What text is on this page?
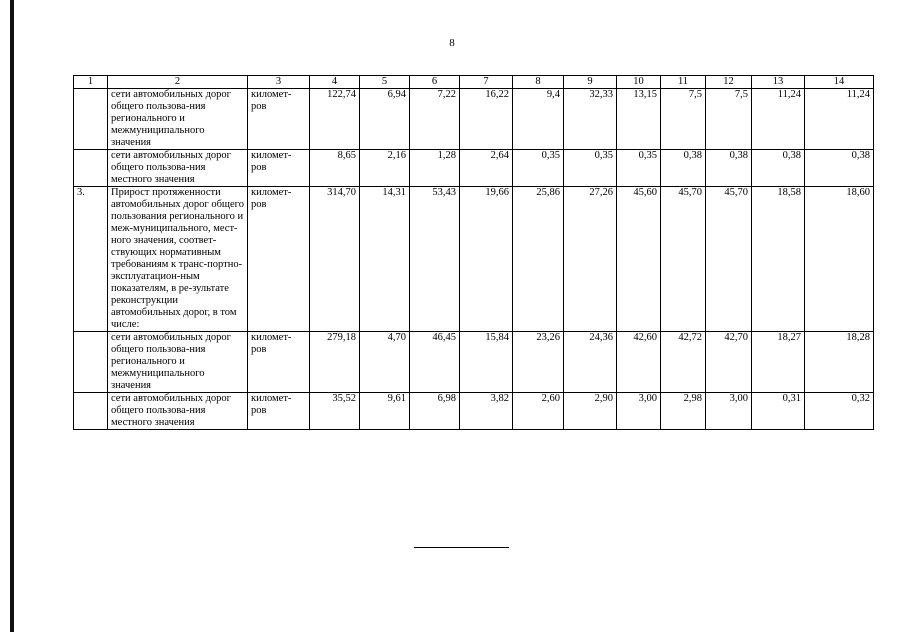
8
1	2	3	4	5	6	7	8	9	10	11	12	13	14
	сети автомобильных дорог общего пользова-ния регионального и межмуниципального значения	километ-ров	122,74	6,94	7,22	16,22	9,4	32,33	13,15	7,5	7,5	11,24	11,24
	сети автомобильных дорог общего пользова-ния местного значения	километ-ров	8,65	2,16	1,28	2,64	0,35	0,35	0,35	0,38	0,38	0,38	0,38
3.	Прирост протяженности автомобильных дорог общего пользования регионального и меж-муниципального, мест-ного значения, соответ-ствующих нормативным требованиям к транс-портно-эксплуатацион-ным показателям, в ре-зультате реконструкции автомобильных дорог, в том числе:	километ-ров	314,70	14,31	53,43	19,66	25,86	27,26	45,60	45,70	45,70	18,58	18,60
	сети автомобильных дорог общего пользова-ния регионального и межмуниципального значения	километ-ров	279,18	4,70	46,45	15,84	23,26	24,36	42,60	42,72	42,70	18,27	18,28
	сети автомобильных дорог общего пользова-ния местного значения	километ-ров	35,52	9,61	6,98	3,82	2,60	2,90	3,00	2,98	3,00	0,31	0,32
